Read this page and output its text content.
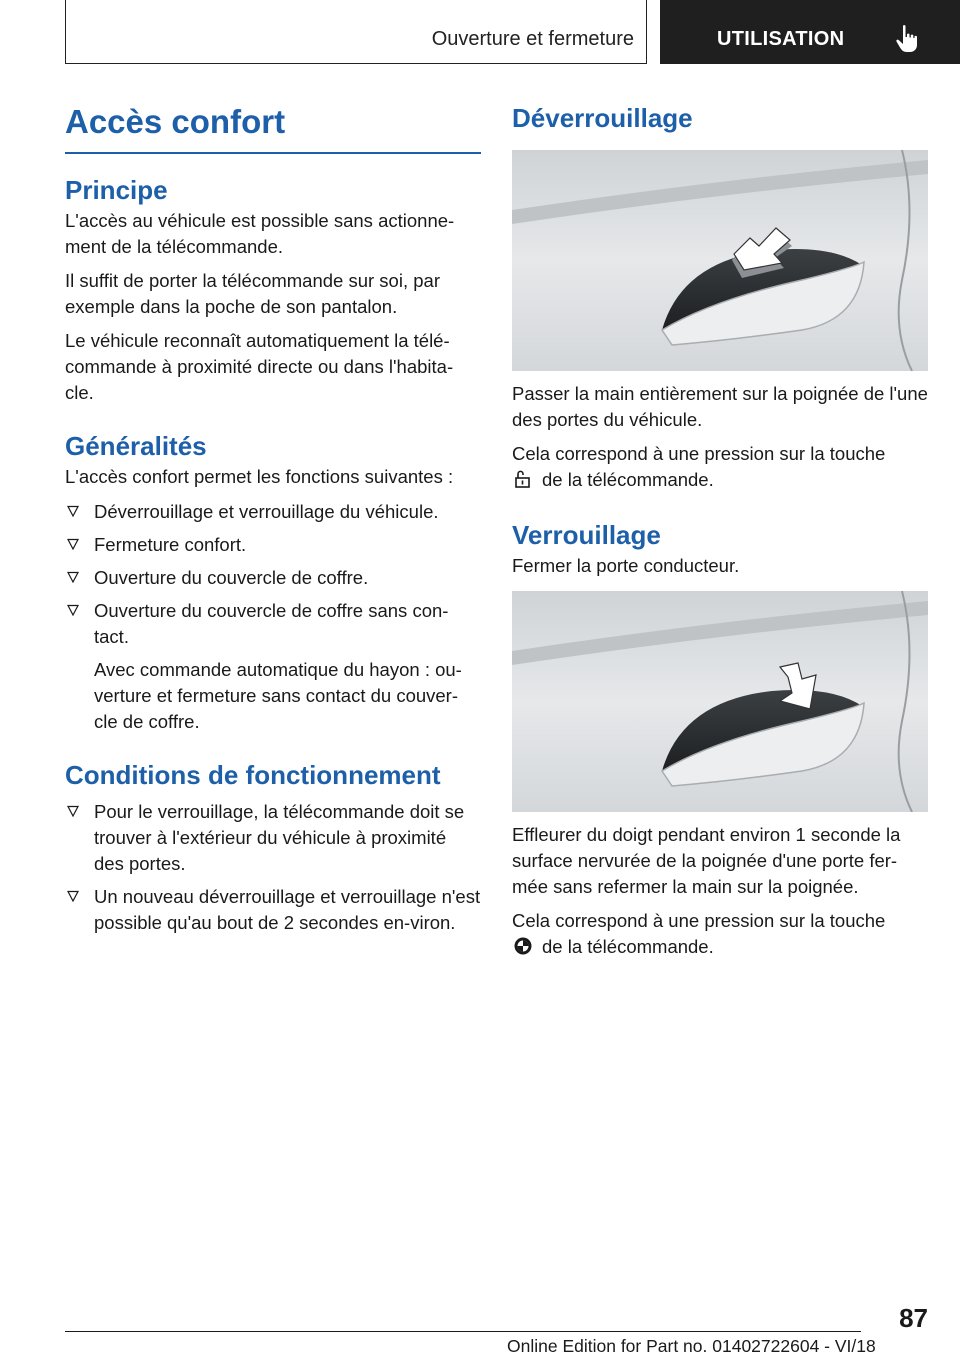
Ouverture et fermeture	UTILISATION
Accès confort
Principe

L'accès au véhicule est possible sans actionne-ment de la télécommande.

Il suffit de porter la télécommande sur soi, par exemple dans la poche de son pantalon.

Le véhicule reconnaît automatiquement la télé-commande à proximité directe ou dans l'habita-cle.

Généralités

L'accès confort permet les fonctions suivantes :

Déverrouillage et verrouillage du véhicule.
Fermeture confort.
Ouverture du couvercle de coffre.
Ouverture du couvercle de coffre sans con-tact.
Avec commande automatique du hayon : ou-verture et fermeture sans contact du couver-cle de coffre.
Conditions de fonctionnement
Pour le verrouillage, la télécommande doit se trouver à l'extérieur du véhicule à proximité des portes.
Un nouveau déverrouillage et verrouillage n'est possible qu'au bout de 2 secondes en-viron.
Déverrouillage

Passer la main entièrement sur la poignée de l'une des portes du véhicule.

Cela correspond à une pression sur la touche
de la télécommande.

Verrouillage

Fermer la porte conducteur.

Effleurer du doigt pendant environ 1 seconde la surface nervurée de la poignée d'une porte fer-mée sans refermer la main sur la poignée.

Cela correspond à une pression sur la touche
de la télécommande.

87
Online Edition for Part no. 01402722604 - VI/18
